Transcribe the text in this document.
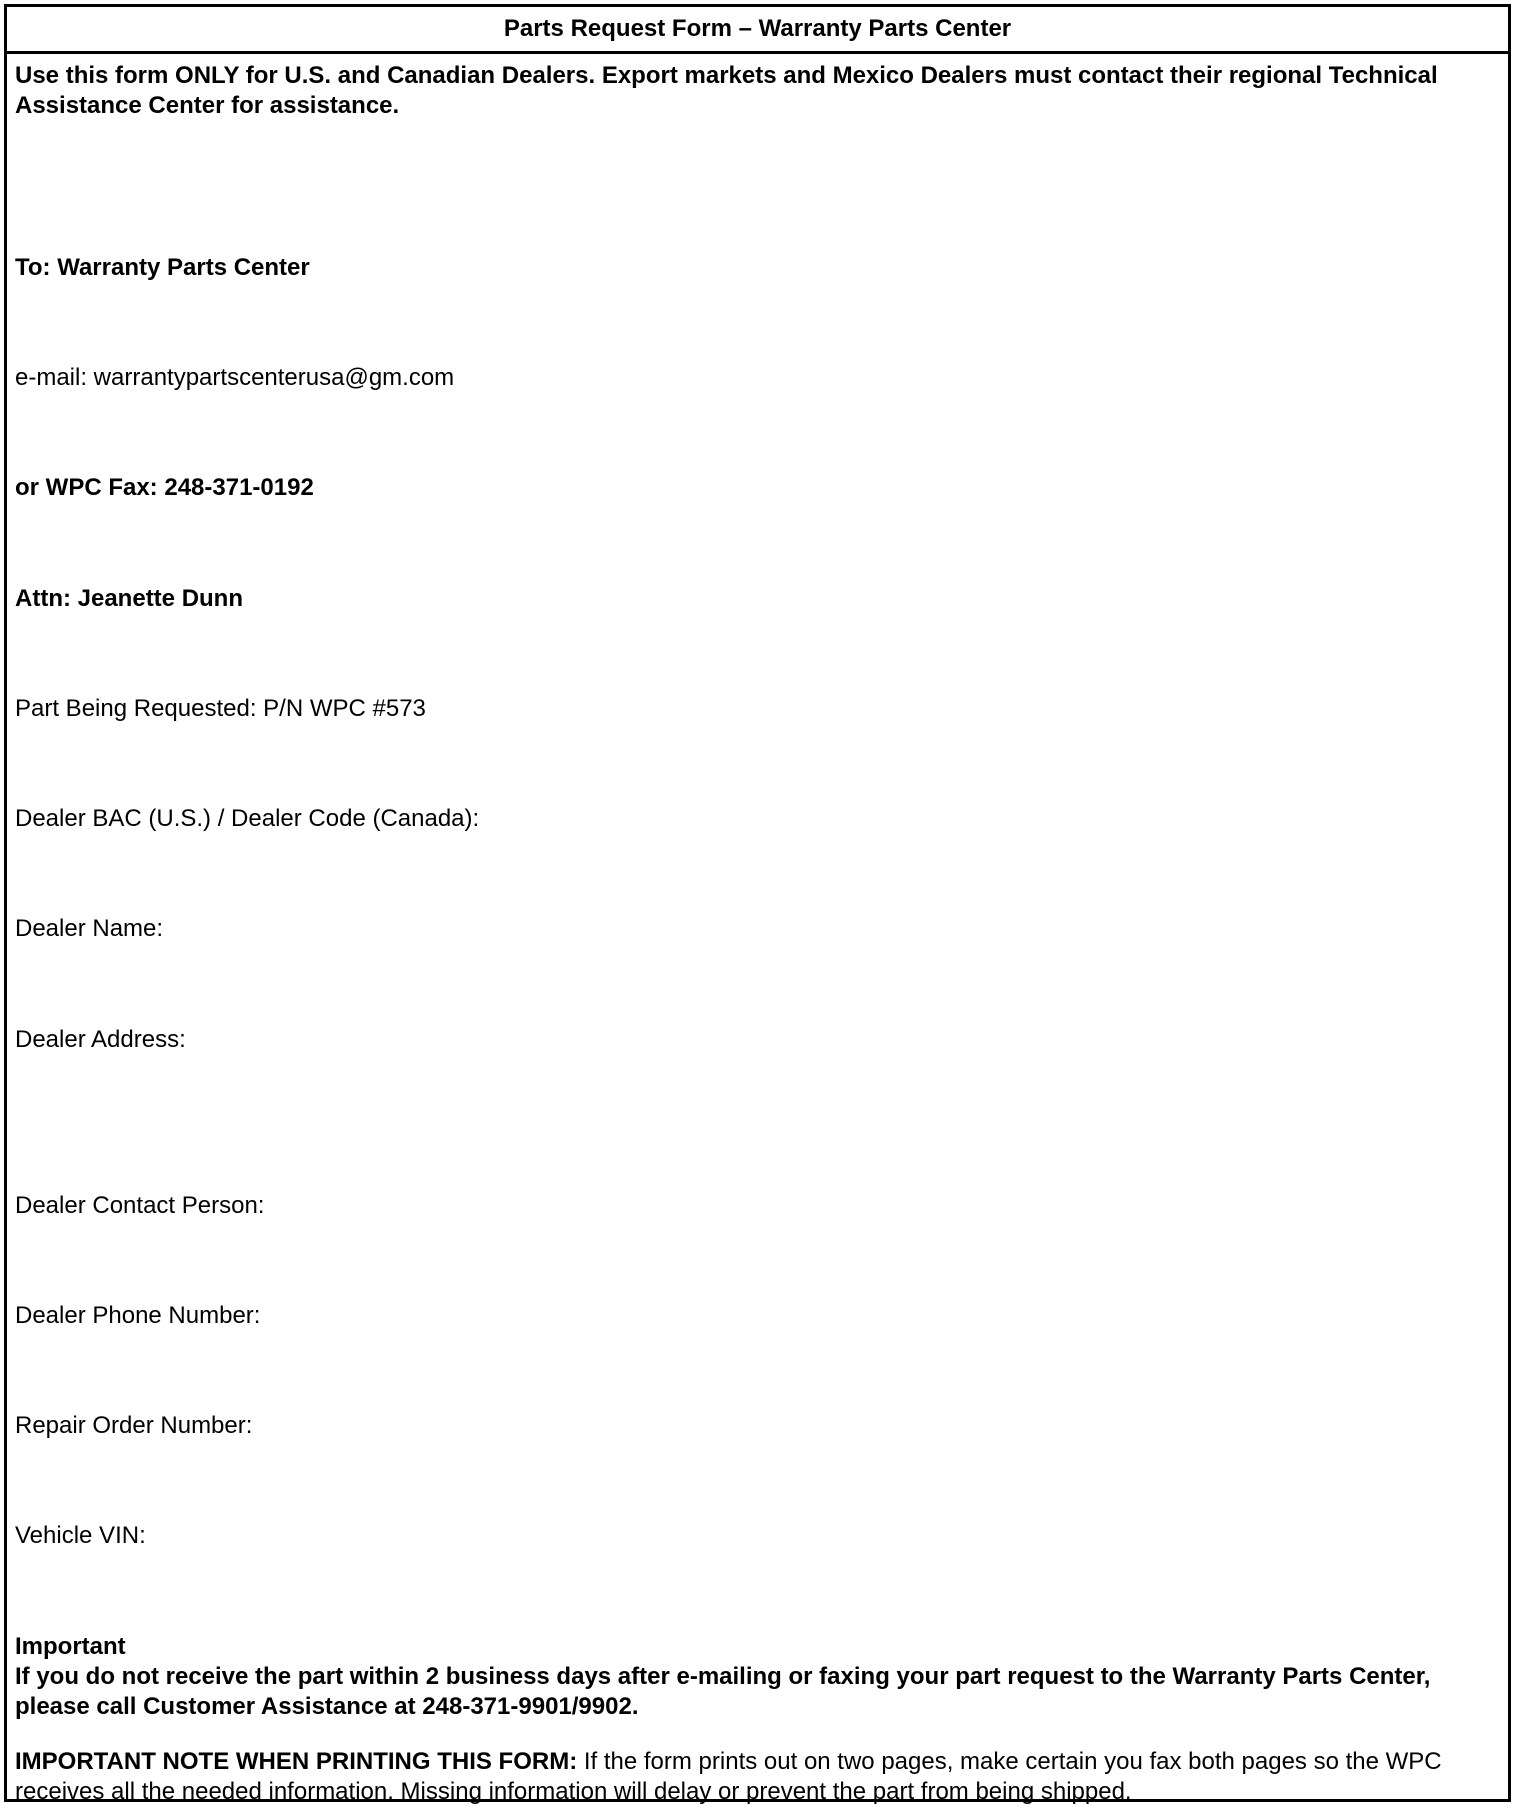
Parts Request Form – Warranty Parts Center
Use this form ONLY for U.S. and Canadian Dealers. Export markets and Mexico Dealers must contact their regional Technical Assistance Center for assistance.
To: Warranty Parts Center
e-mail: warrantypartscenterusa@gm.com
or WPC Fax: 248-371-0192
Attn: Jeanette Dunn
Part Being Requested: P/N WPC #573
Dealer BAC (U.S.) / Dealer Code (Canada):
Dealer Name:
Dealer Address:
Dealer Contact Person:
Dealer Phone Number:
Repair Order Number:
Vehicle VIN:
Important
If you do not receive the part within 2 business days after e-mailing or faxing your part request to the Warranty Parts Center, please call Customer Assistance at 248-371-9901/9902.
IMPORTANT NOTE WHEN PRINTING THIS FORM: If the form prints out on two pages, make certain you fax both pages so the WPC receives all the needed information. Missing information will delay or prevent the part from being shipped.
